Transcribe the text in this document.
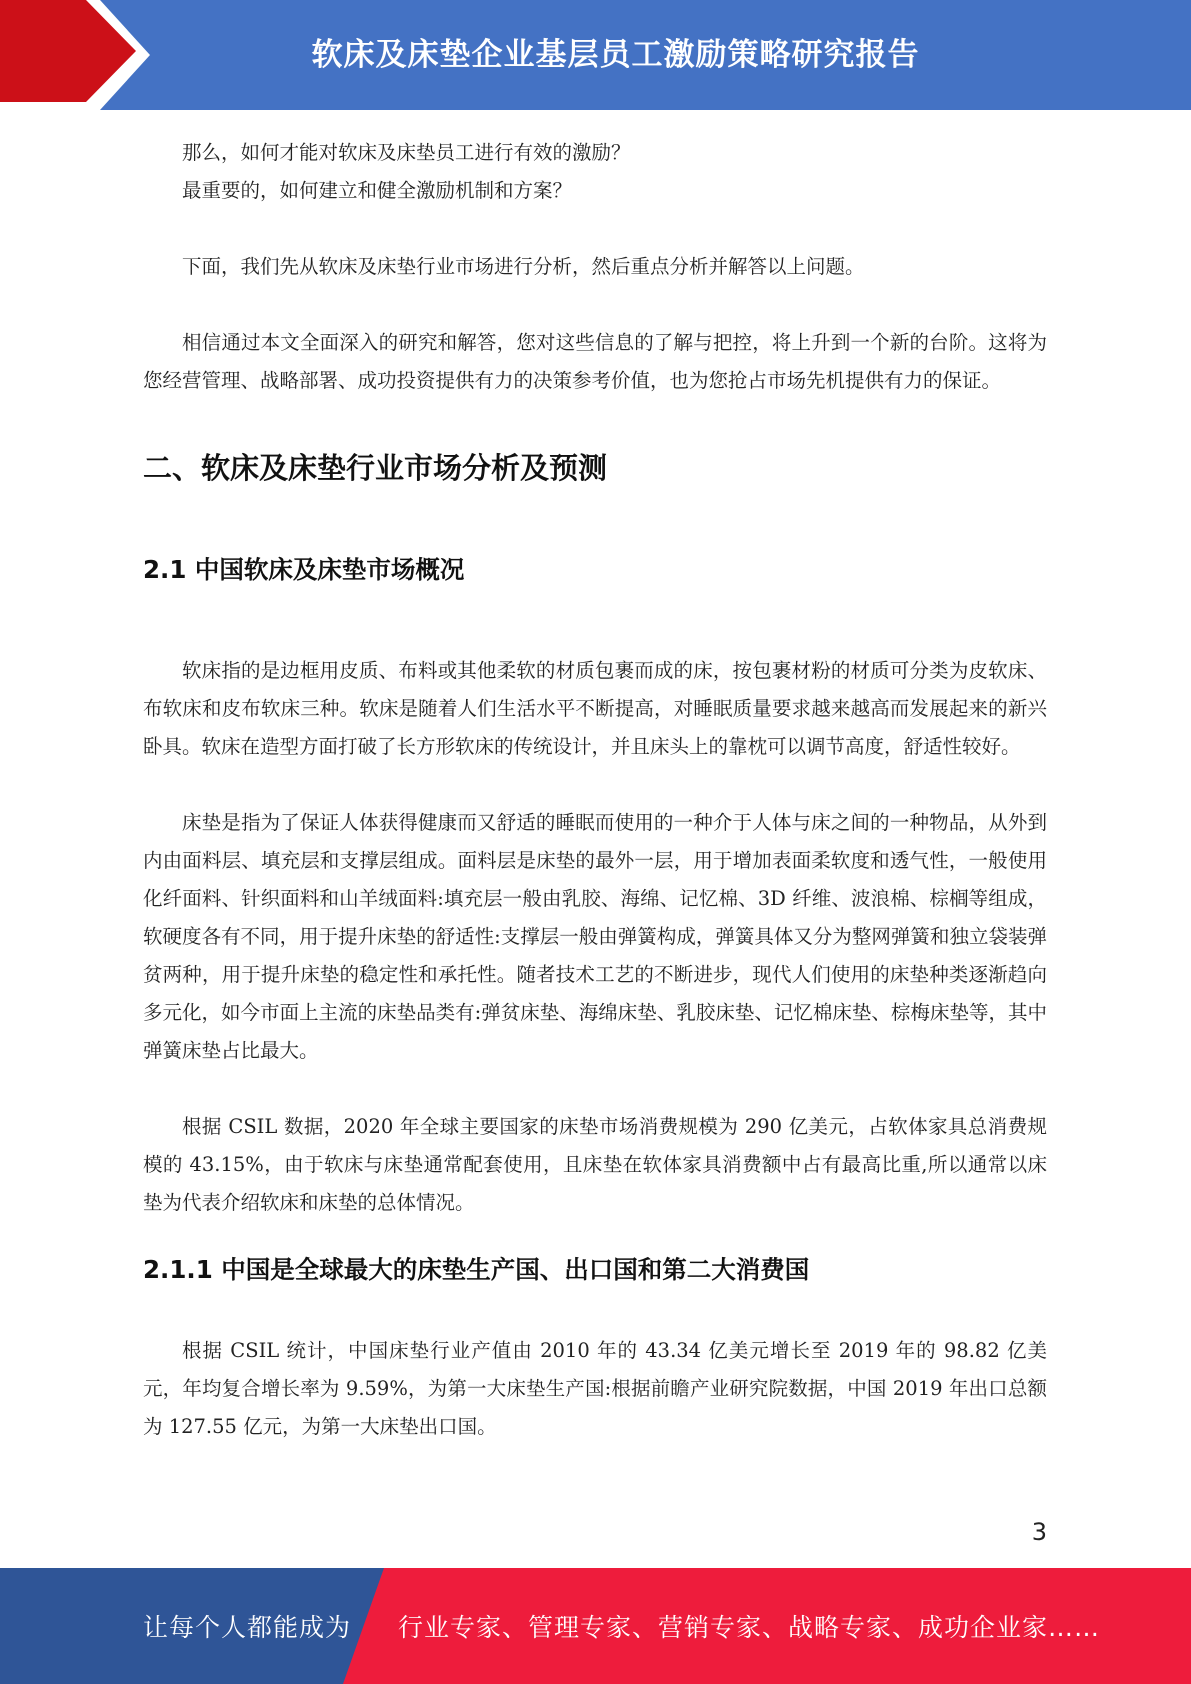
软床及床垫企业基层员工激励策略研究报告

那么，如何才能对软床及床垫员工进行有效的激励？

最重要的，如何建立和健全激励机制和方案？

下面，我们先从软床及床垫行业市场进行分析，然后重点分析并解答以上问题。

相信通过本文全面深入的研究和解答，您对这些信息的了解与把控，将上升到一个新的台阶。这将为您经营管理、战略部署、成功投资提供有力的决策参考价值，也为您抢占市场先机提供有力的保证。

二、软床及床垫行业市场分析及预测
2.1 中国软床及床垫市场概况

软床指的是边框用皮质、布料或其他柔软的材质包裹而成的床，按包裹材粉的材质可分类为皮软床、布软床和皮布软床三种。软床是随着人们生活水平不断提高，对睡眠质量要求越来越高而发展起来的新兴卧具。软床在造型方面打破了长方形软床的传统设计，并且床头上的靠枕可以调节高度，舒适性较好。

床垫是指为了保证人体获得健康而又舒适的睡眠而使用的一种介于人体与床之间的一种物品，从外到内由面料层、填充层和支撑层组成。面料层是床垫的最外一层，用于增加表面柔软度和透气性，一般使用化纤面料、针织面料和山羊绒面料:填充层一般由乳胶、海绵、记忆棉、3D 纤维、波浪棉、棕榈等组成，软硬度各有不同，用于提升床垫的舒适性:支撑层一般由弹簧构成，弹簧具体又分为整网弹簧和独立袋装弹贫两种，用于提升床垫的稳定性和承托性。随者技术工艺的不断进步，现代人们使用的床垫种类逐渐趋向多元化，如今市面上主流的床垫品类有:弹贫床垫、海绵床垫、乳胶床垫、记忆棉床垫、棕梅床垫等，其中弹簧床垫占比最大。

根据 CSIL 数据，2020 年全球主要国家的床垫市场消费规模为 290 亿美元，占软体家具总消费规模的 43.15%，由于软床与床垫通常配套使用，且床垫在软体家具消费额中占有最高比重,所以通常以床垫为代表介绍软床和床垫的总体情况。

2.1.1 中国是全球最大的床垫生产国、出口国和第二大消费国

根据 CSIL 统计，中国床垫行业产值由 2010 年的 43.34 亿美元增长至 2019 年的 98.82 亿美元，年均复合增长率为 9.59%，为第一大床垫生产国:根据前瞻产业研究院数据，中国 2019 年出口总额为 127.55 亿元，为第一大床垫出口国。

3
让每个人都能成为 行业专家、管理专家、营销专家、战略专家、成功企业家……
